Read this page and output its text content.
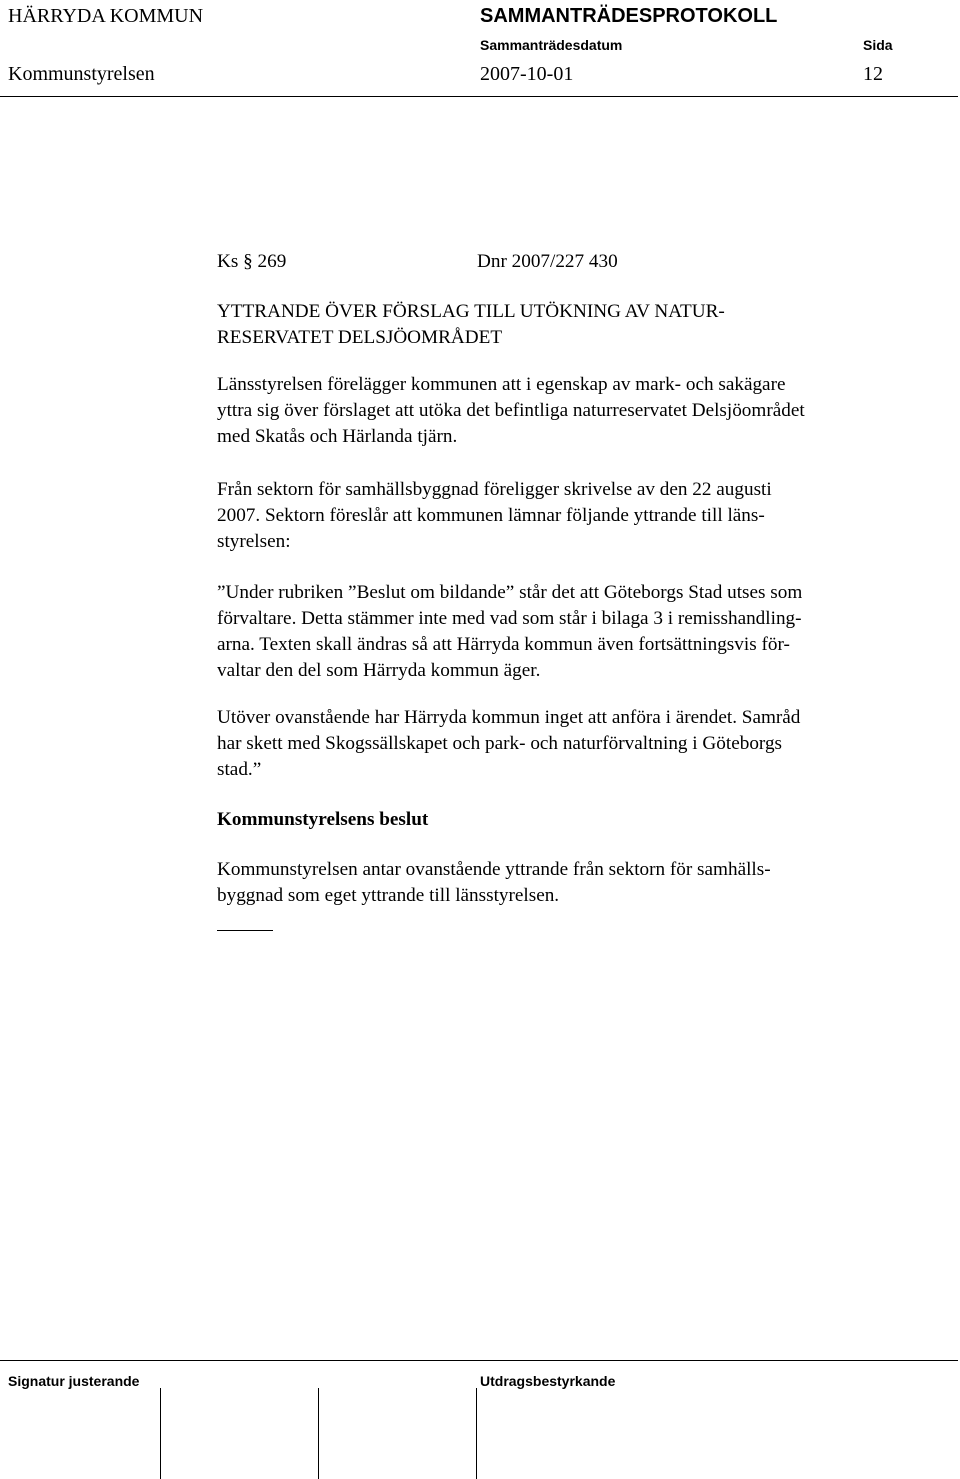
HÄRRYDA KOMMUN	SAMMANTRÄDESPROTOKOLL
Sammanträdesdatum	Sida
Kommunstyrelsen	2007-10-01	12
Ks § 269	Dnr 2007/227 430
YTTRANDE ÖVER FÖRSLAG TILL UTÖKNING AV NATUR-
RESERVATET DELSJÖOMRÅDET
Länsstyrelsen förelägger kommunen att i egenskap av mark- och sakägare
yttra sig över förslaget att utöka det befintliga naturreservatet Delsjöområdet
med Skatås och Härlanda tjärn.
Från sektorn för samhällsbyggnad föreligger skrivelse av den 22 augusti
2007. Sektorn föreslår att kommunen lämnar följande yttrande till läns-
styrelsen:
”Under rubriken ”Beslut om bildande” står det att Göteborgs Stad utses som
förvaltare. Detta stämmer inte med vad som står i bilaga 3 i remisshandling-
arna. Texten skall ändras så att Härryda kommun även fortsättningsvis för-
valtar den del som Härryda kommun äger.
Utöver ovanstående har Härryda kommun inget att anföra i ärendet. Samråd
har skett med Skogssällskapet och park- och naturförvaltning i Göteborgs
stad.”
Kommunstyrelsens beslut
Kommunstyrelsen antar ovanstående yttrande från sektorn för samhälls-
byggnad som eget yttrande till länsstyrelsen.
Signatur justerande	Utdragsbestyrkande
